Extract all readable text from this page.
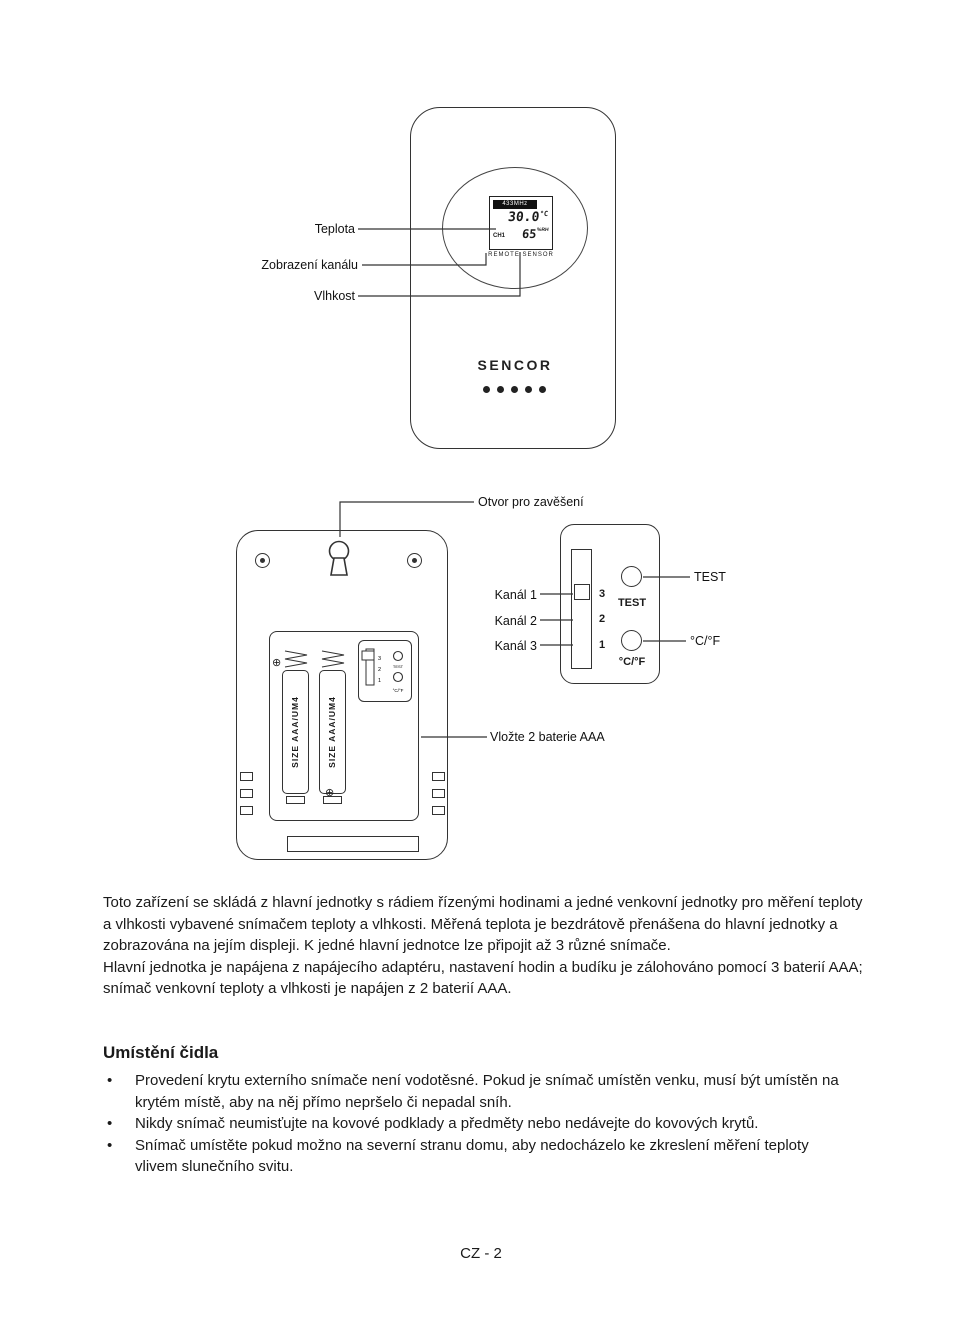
433MHz
$30.0^{^\circ C}$
CH1 $65^{\%RH}$
REMOTE SENSOR
SENCOR
Teplota
Zobrazení kanálu
Vlhkost
SIZE AAA/UM4	SIZE AAA/UM4
⊕
⊕
Otvor pro zavěšení
Kanál 1
Kanál 2
Kanál 3
Vložte 2 baterie AAA
3
2
1
TEST
°C/°F
TEST
°C/°F
3
2
1
TEST
°C/°F

Toto zařízení se skládá z hlavní jednotky s rádiem řízenými hodinami a jedné venkovní jednotky pro měření teploty a vlhkosti vybavené snímačem teploty a vlhkosti. Měřená teplota je bezdrátově přenášena do hlavní jednotky a zobrazována na jejím displeji. K jedné hlavní jednotce lze připojit až 3 různé snímače.

Hlavní jednotka je napájena z napájecího adaptéru, nastavení hodin a budíku je zálohováno pomocí 3 baterií AAA; snímač venkovní teploty a vlhkosti je napájen z 2 baterií AAA.

Umístění čidla
•	Provedení krytu externího snímače není vodotěsné. Pokud je snímač umístěn venku, musí být umístěn na krytém místě, aby na něj přímo nepršelo či nepadal sníh.
•	Nikdy snímač neumisťujte na kovové podklady a předměty nebo nedávejte do kovových krytů.
•	Snímač umístěte pokud možno na severní stranu domu, aby nedocházelo ke zkreslení měření teploty vlivem slunečního svitu.
CZ - 2
